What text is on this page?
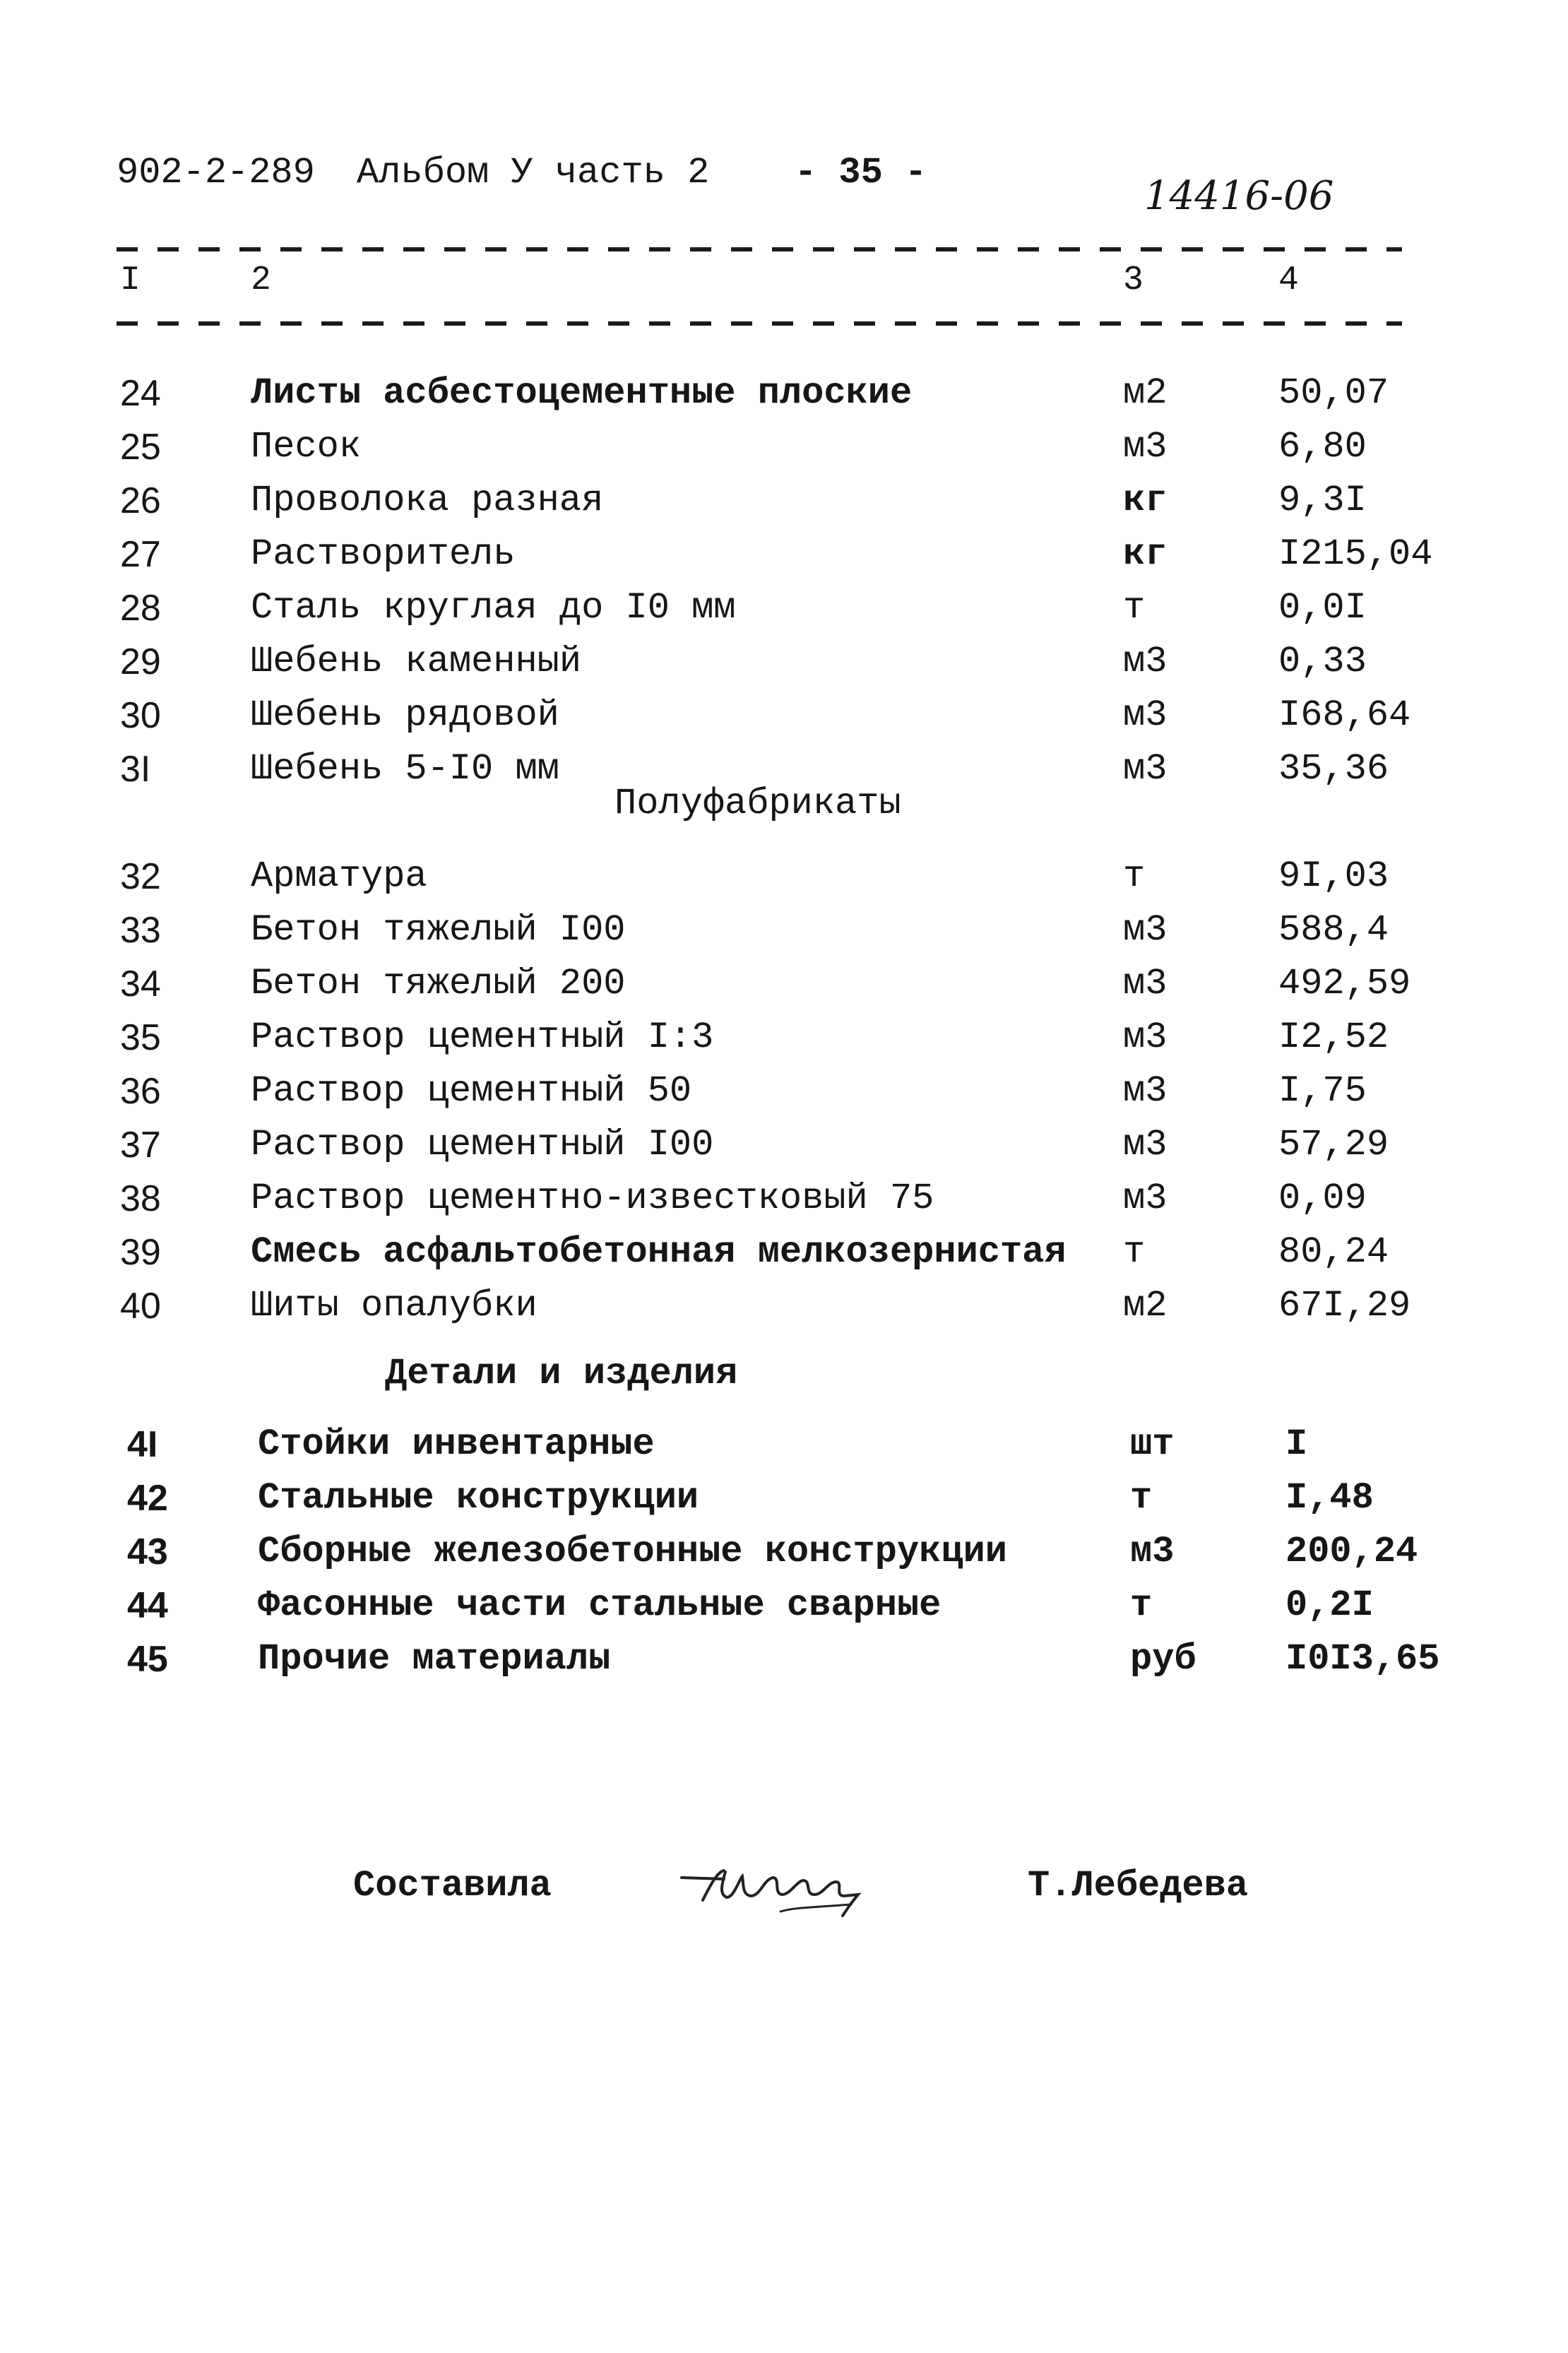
902-2-289 Альбом У часть 2 - 35 -
14416-06
I	2	3	4
24 Листы асбестоцементные плоские	м2	50,07
25 Песок	м3	6,80
26 Проволока разная	кг	9,3I
27 Растворитель	кг	I215,04
28 Сталь круглая до I0 мм	т	0,0I
29 Шебень каменный	м3	0,33
30 Шебень рядовой	м3	I68,64
3I	Шебень 5-I0 мм	м3	35,36
Полуфабрикаты
32 Арматура	т	9I,03
33 Бетон тяжелый I00	м3	588,4
34 Бетон тяжелый 200	м3	492,59
35 Раствор цементный I:3	м3	I2,52
36 Раствор цементный 50	м3	I,75
37 Раствор цементный I00	м3	57,29
38 Раствор цементно-известковый 75	м3	0,09
39 Смесь асфальтобетонная мелкозернистая т	80,24
40 Шиты опалубки	м2	67I,29
Детали и изделия
4I	Стойки инвентарные	шт	I
42 Стальные конструкции	т	I,48
43 Сборные железобетонные конструкции	м3	200,24
44 Фасонные части стальные сварные	т	0,2I
45 Прочие материалы	руб I0I3,65
Составила	Т.Лебедева
